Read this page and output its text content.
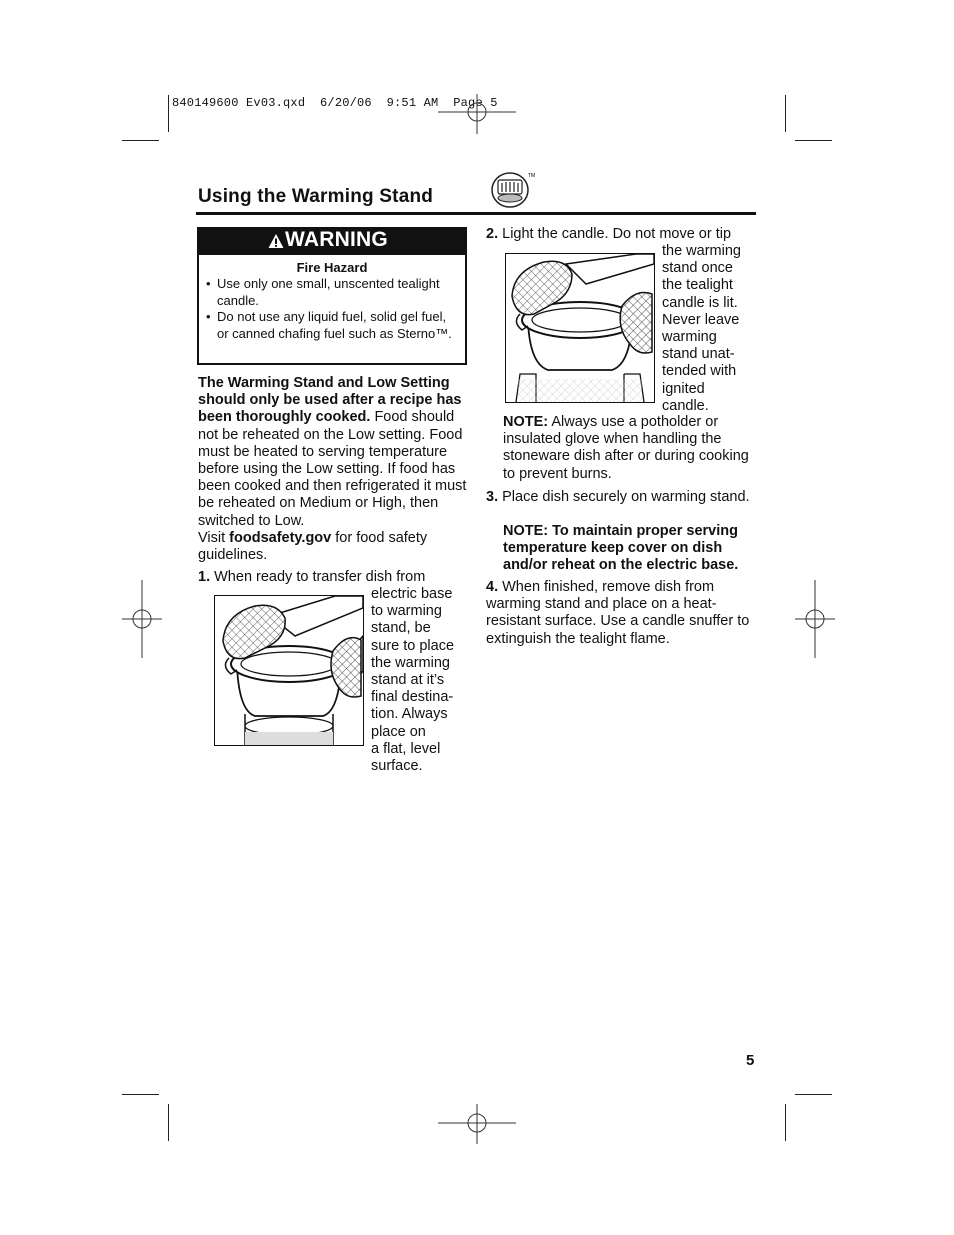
840149600 Ev03.qxd  6/20/06  9:51 AM  Page 5
Using the Warming Stand
TM
WARNING
Fire Hazard
• Use only one small, unscented tealight candle.
• Do not use any liquid fuel, solid gel fuel, or canned chafing fuel such as Sterno™.
The Warming Stand and Low Setting should only be used after a recipe has been thoroughly cooked. Food should not be reheated on the Low setting. Food must be heated to serving temperature before using the Low setting. If food has been cooked and then refrigerated it must be reheated on Medium or High, then switched to Low.
Visit foodsafety.gov for food safety guidelines.
1. When ready to transfer dish from
electric base
to warming
stand, be
sure to place
the warming
stand at it’s
final destina-
tion. Always
place on
a flat, level
surface.
2. Light the candle. Do not move or tip
the warming
stand once
the tealight
candle is lit.
Never leave
warming
stand unat-
tended with
ignited
candle.
NOTE: Always use a potholder or insulated glove when handling the stoneware dish after or during cooking to prevent burns.
3. Place dish securely on warming stand.
NOTE: To maintain proper serving temperature keep cover on dish and/or reheat on the electric base.
4. When finished, remove dish from warming stand and place on a heat-resistant surface. Use a candle snuffer to extinguish the tealight flame.
5
